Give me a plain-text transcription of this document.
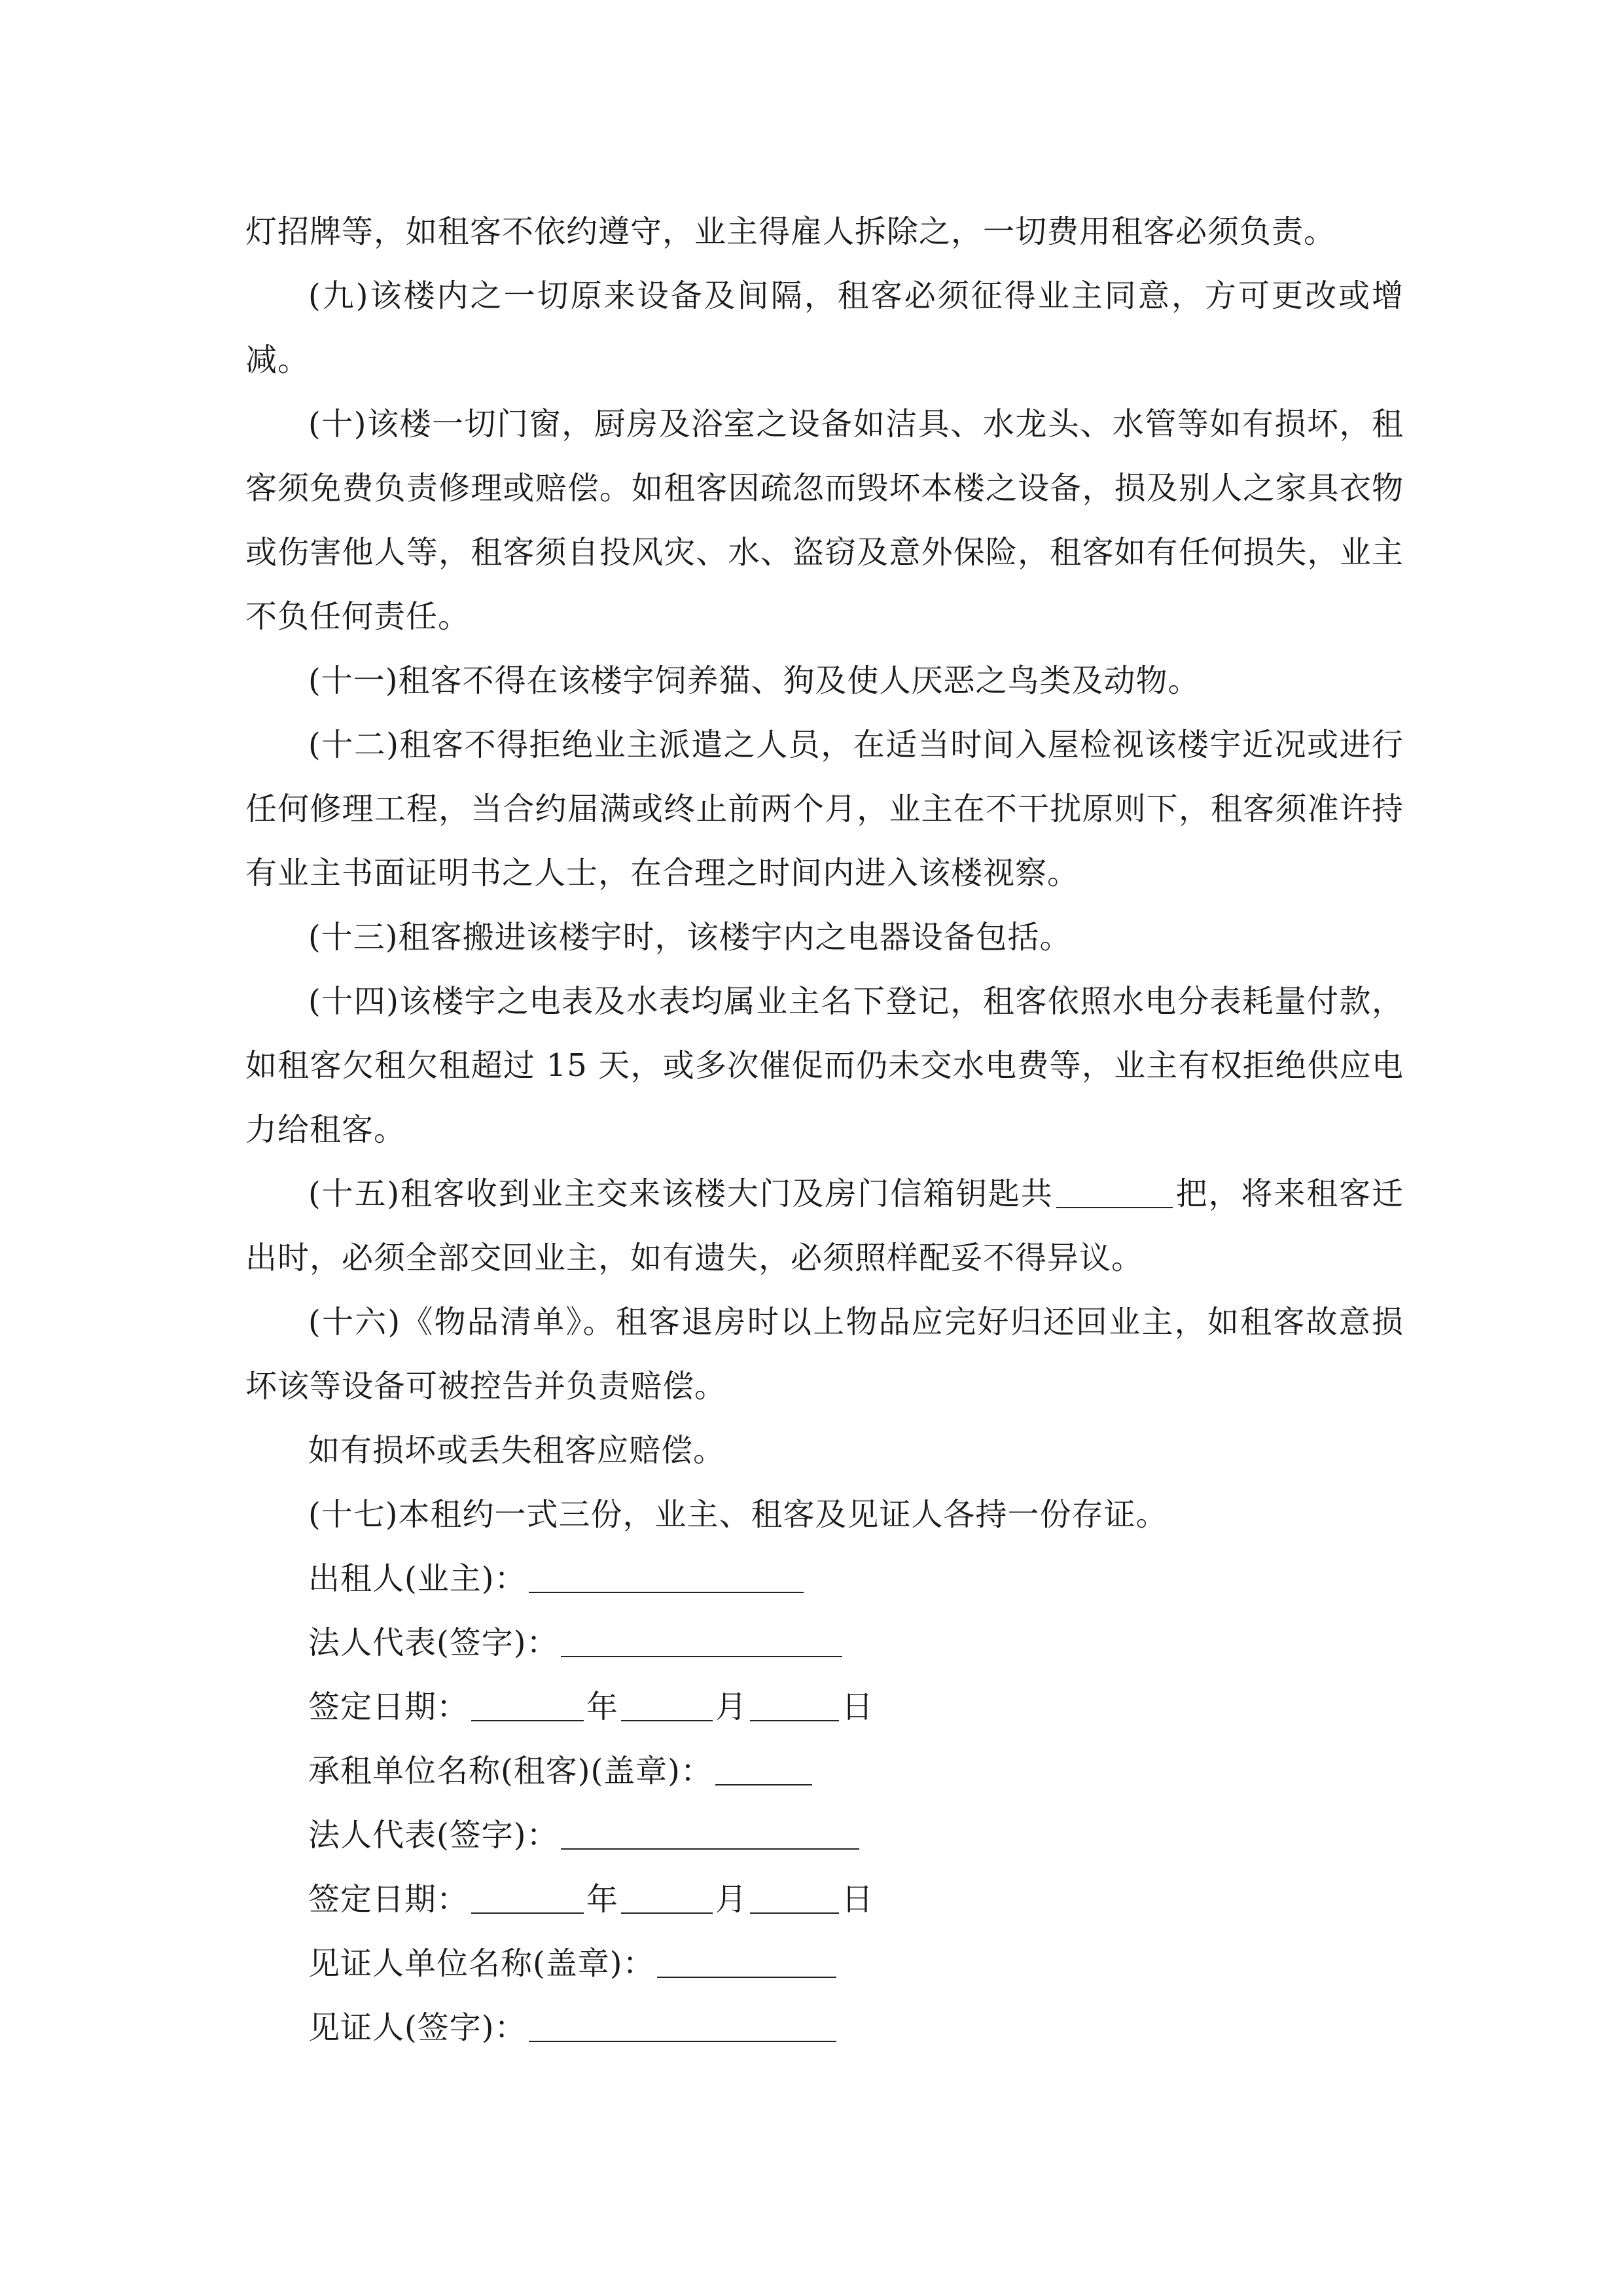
灯招牌等，如租客不依约遵守，业主得雇人拆除之，一切费用租客必须负责。

(九)该楼内之一切原来设备及间隔，租客必须征得业主同意，方可更改或增减。

(十)该楼一切门窗，厨房及浴室之设备如洁具、水龙头、水管等如有损坏，租客须免费负责修理或赔偿。如租客因疏忽而毁坏本楼之设备，损及别人之家具衣物或伤害他人等，租客须自投风灾、水、盗窃及意外保险，租客如有任何损失，业主不负任何责任。

(十一)租客不得在该楼宇饲养猫、狗及使人厌恶之鸟类及动物。

(十二)租客不得拒绝业主派遣之人员，在适当时间入屋检视该楼宇近况或进行任何修理工程，当合约届满或终止前两个月，业主在不干扰原则下，租客须准许持有业主书面证明书之人士，在合理之时间内进入该楼视察。

(十三)租客搬进该楼宇时，该楼宇内之电器设备包括。

(十四)该楼宇之电表及水表均属业主名下登记，租客依照水电分表耗量付款，如租客欠租欠租超过 15 天，或多次催促而仍未交水电费等，业主有权拒绝供应电力给租客。

(十五)租客收到业主交来该楼大门及房门信箱钥匙共	把，将来租客迁出时，必须全部交回业主，如有遗失，必须照样配妥不得异议。

(十六)《物品清单》。租客退房时以上物品应完好归还回业主，如租客故意损坏该等设备可被控告并负责赔偿。

如有损坏或丢失租客应赔偿。

(十七)本租约一式三份，业主、租客及见证人各持一份存证。

出租人(业主)：

法人代表(签字)：

签定日期：	年	月	日

承租单位名称(租客)(盖章)：

法人代表(签字)：

签定日期：	年	月	日

见证人单位名称(盖章)：

见证人(签字)：
